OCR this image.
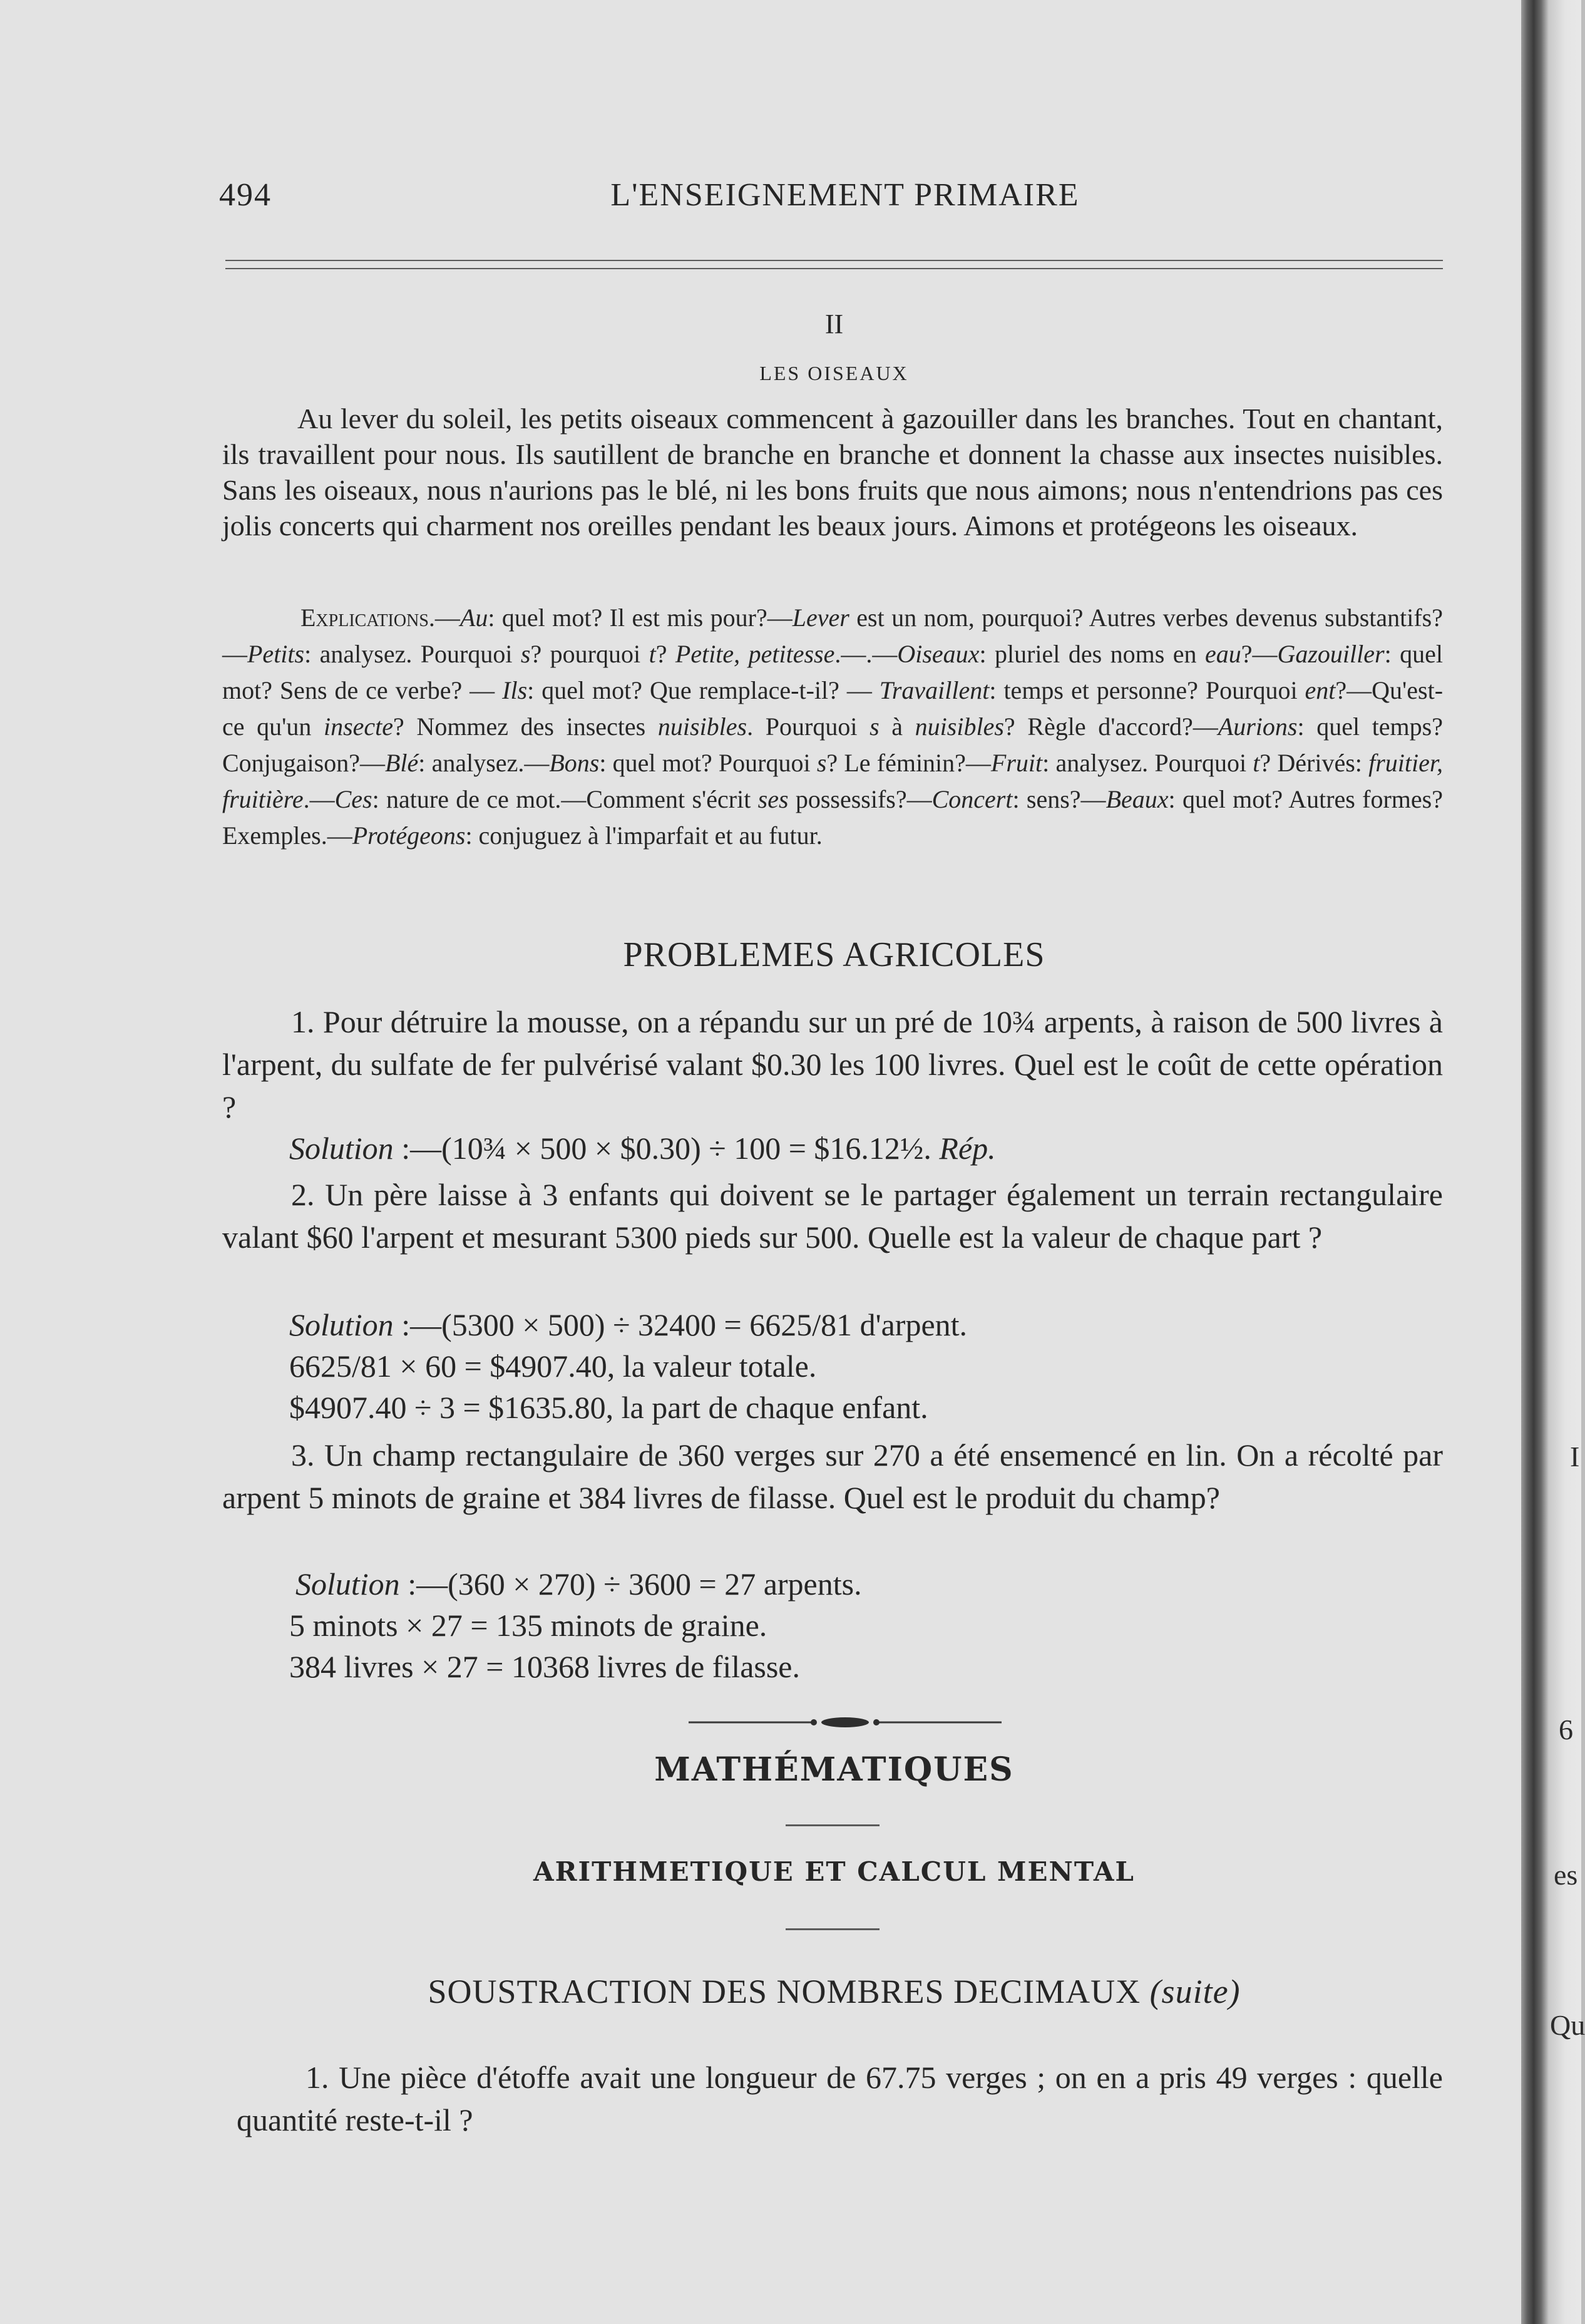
494	L'ENSEIGNEMENT PRIMAIRE
II
LES OISEAUX

Au lever du soleil, les petits oiseaux commencent à gazouiller dans les branches. Tout en chantant, ils travaillent pour nous. Ils sautillent de branche en branche et donnent la chasse aux insectes nuisibles. Sans les oiseaux, nous n'aurions pas le blé, ni les bons fruits que nous aimons; nous n'entendrions pas ces jolis concerts qui charment nos oreilles pendant les beaux jours. Aimons et protégeons les oiseaux.

Explications.—Au: quel mot? Il est mis pour?—Lever est un nom, pourquoi? Autres verbes devenus substantifs?—Petits: analysez. Pourquoi s? pourquoi t? Petite, petitesse.—.—Oiseaux: pluriel des noms en eau?—Gazouiller: quel mot? Sens de ce verbe? — Ils: quel mot? Que remplace-t-il? — Travaillent: temps et personne? Pourquoi ent?—Qu'est-ce qu'un insecte? Nommez des insectes nuisibles. Pourquoi s à nuisibles? Règle d'accord?—Aurions: quel temps? Conjugaison?—Blé: analysez.—Bons: quel mot? Pourquoi s? Le féminin?—Fruit: analysez. Pourquoi t? Dérivés: fruitier, fruitière.—Ces: nature de ce mot.—Comment s'écrit ses possessifs?—Concert: sens?—Beaux: quel mot? Autres formes? Exemples.—Protégeons: conjuguez à l'imparfait et au futur.

PROBLEMES AGRICOLES

1. Pour détruire la mousse, on a répandu sur un pré de 10¾ arpents, à raison de 500 livres à l'arpent, du sulfate de fer pulvérisé valant $0.30 les 100 livres. Quel est le coût de cette opération ?

Solution :—(10¾ × 500 × $0.30) ÷ 100 = $16.12½. Rép.

2. Un père laisse à 3 enfants qui doivent se le partager également un terrain rectangulaire valant $60 l'arpent et mesurant 5300 pieds sur 500. Quelle est la valeur de chaque part ?

Solution :—(5300 × 500) ÷ 32400 = 6625/81 d'arpent.
6625/81 × 60 = $4907.40, la valeur totale.
$4907.40 ÷ 3 = $1635.80, la part de chaque enfant.

3. Un champ rectangulaire de 360 verges sur 270 a été ensemencé en lin. On a récolté par arpent 5 minots de graine et 384 livres de filasse. Quel est le produit du champ?

Solution :—(360 × 270) ÷ 3600 = 27 arpents.
5 minots × 27 = 135 minots de graine.
384 livres × 27 = 10368 livres de filasse.
MATHÉMATIQUES
ARITHMETIQUE ET CALCUL MENTAL
SOUSTRACTION DES NOMBRES DECIMAUX (suite)

1. Une pièce d'étoffe avait une longueur de 67.75 verges ; on en a pris 49 verges : quelle quantité reste-t-il ?

I
6
es
Qu
